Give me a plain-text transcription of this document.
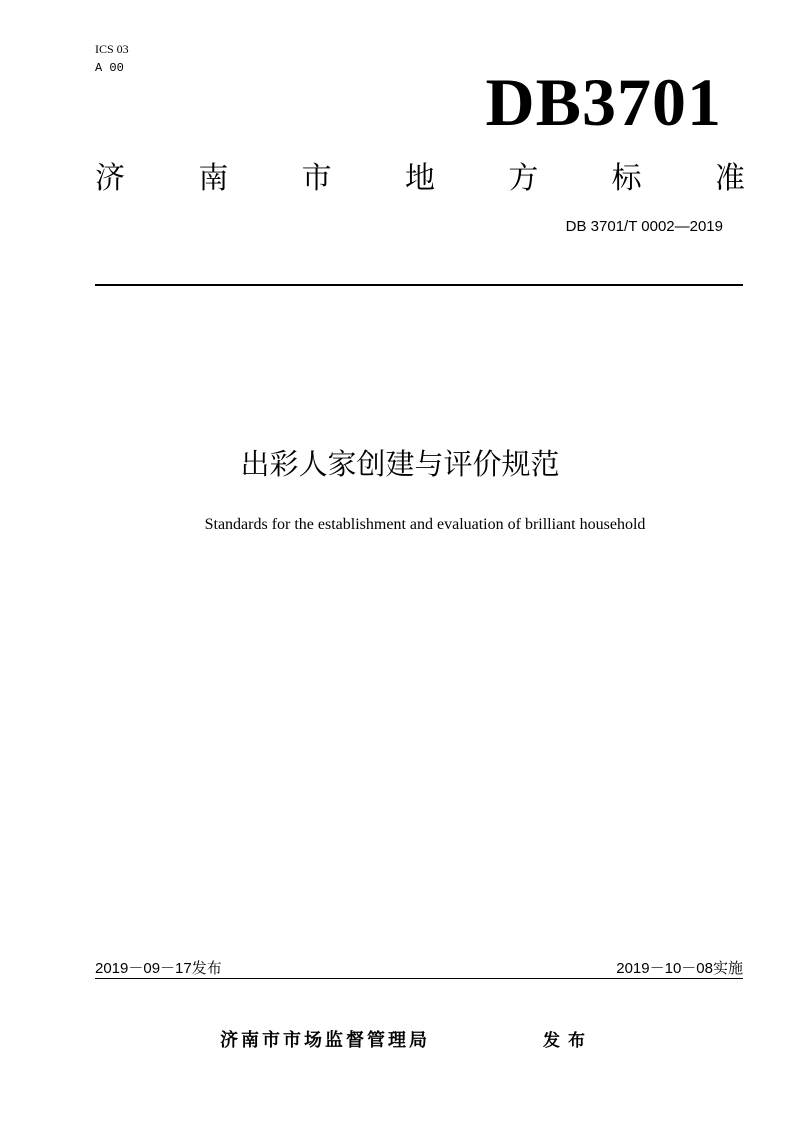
ICS 03
A 00	DB3701
济 南 市 地 方 标 准
DB 3701/T 0002—2019
出彩人家创建与评价规范
Standards for the establishment and evaluation of brilliant household
2019－09－17发布	2019－10－08实施
济南市市场监督管理局	发布
